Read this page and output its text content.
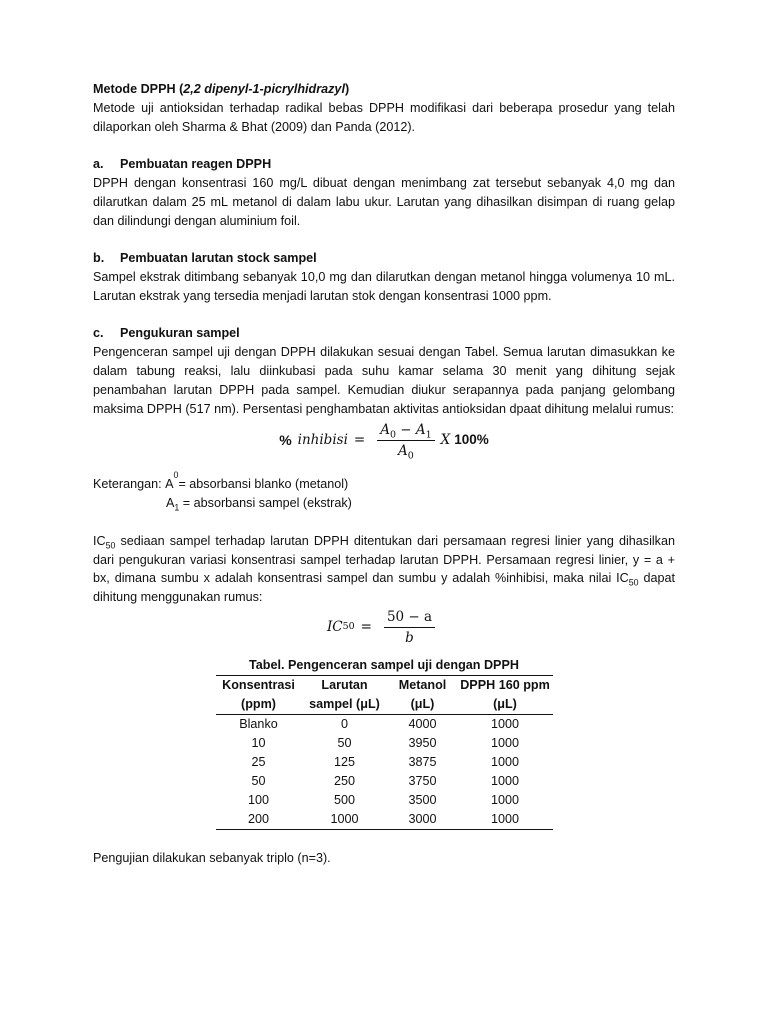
Metode DPPH (2,2 dipenyl-1-picrylhidrazyl)

Metode uji antioksidan terhadap radikal bebas DPPH modifikasi dari beberapa prosedur yang telah dilaporkan oleh Sharma & Bhat (2009) dan Panda (2012).

a. Pembuatan reagen DPPH

DPPH dengan konsentrasi 160 mg/L dibuat dengan menimbang zat tersebut sebanyak 4,0 mg dan dilarutkan dalam 25 mL metanol di dalam labu ukur. Larutan yang dihasilkan disimpan di ruang gelap dan dilindungi dengan aluminium foil.

b. Pembuatan larutan stock sampel

Sampel ekstrak ditimbang sebanyak 10,0 mg dan dilarutkan dengan metanol hingga volumenya 10 mL. Larutan ekstrak yang tersedia menjadi larutan stok dengan konsentrasi 1000 ppm.

c. Pengukuran sampel

Pengenceran sampel uji dengan DPPH dilakukan sesuai dengan Tabel. Semua larutan dimasukkan ke dalam tabung reaksi, lalu diinkubasi pada suhu kamar selama 30 menit yang dihitung sejak penambahan larutan DPPH pada sampel. Kemudian diukur serapannya pada panjang gelombang maksima DPPH (517 nm). Persentasi penghambatan aktivitas antioksidan dpaat dihitung melalui rumus:

% inhibisi = $\frac{A_0 - A_1}{A_0}$ X 100%
Keterangan:
A
0
= absorbansi blanko (metanol)
$A_1$ = absorbansi sampel (ekstrak)

$IC_{50}$ sediaan sampel terhadap larutan DPPH ditentukan dari persamaan regresi linier yang dihasilkan dari pengukuran variasi konsentrasi sampel terhadap larutan DPPH. Persamaan regresi linier, y = a + bx, dimana sumbu x adalah konsentrasi sampel dan sumbu y adalah %inhibisi, maka nilai $IC_{50}$ dapat dihitung menggunakan rumus:

IC $50 = \frac{50 - a}{b}$

Tabel. Pengenceran sampel uji dengan DPPH

Konsentrasi	Larutan	Metanol	DPPH 160 ppm
(ppm)	sampel (μL)	(μL)	(μL)
Blanko	0	4000	1000
10	50	3950	1000
25	125	3875	1000
50	250	3750	1000
100	500	3500	1000
200	1000	3000	1000

Pengujian dilakukan sebanyak triplo (n=3).
